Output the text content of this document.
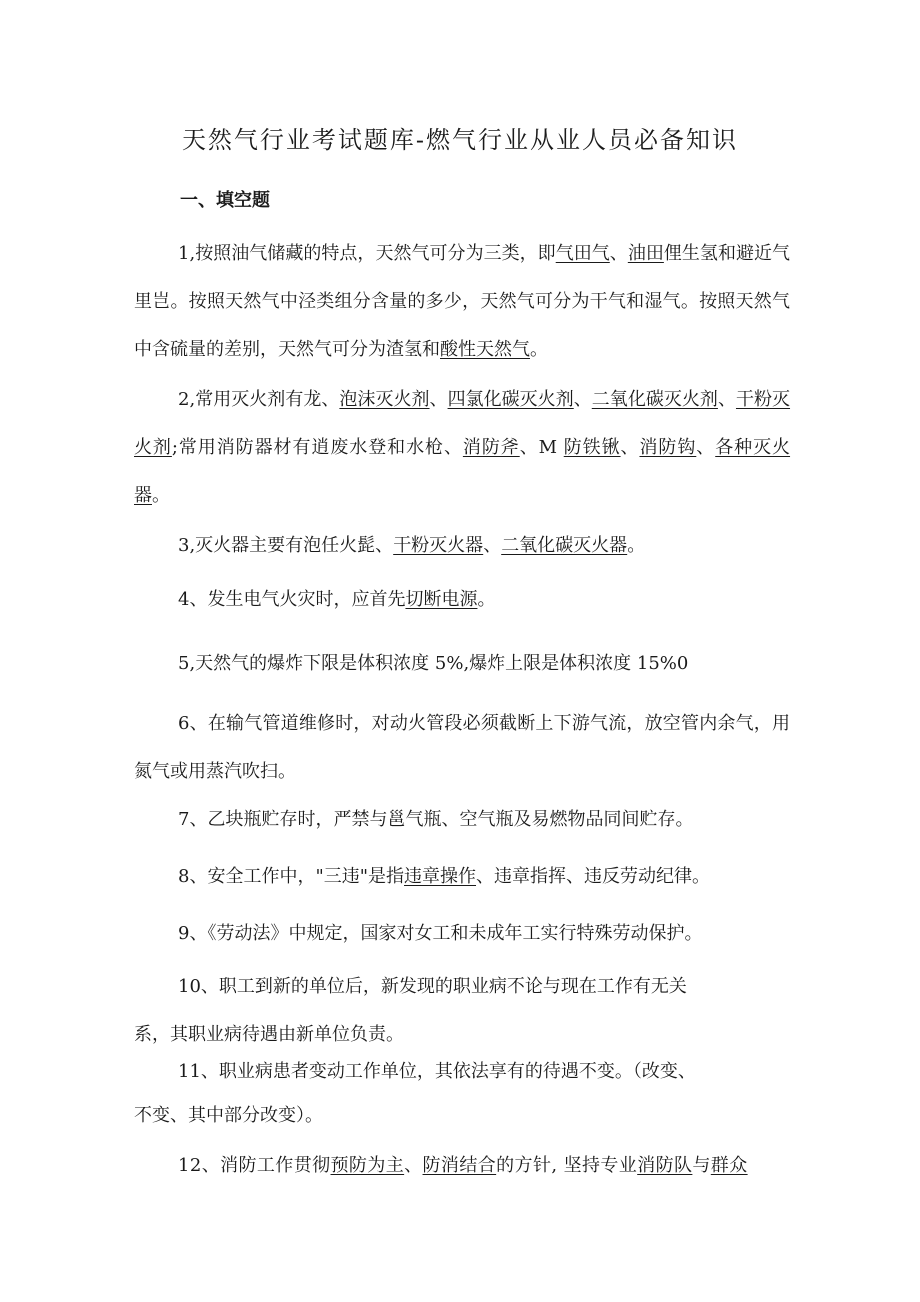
天然气行业考试题库-燃气行业从业人员必备知识
一、填空题
1,按照油气储藏的特点，天然气可分为三类，即气田气、油田俚生氢和避近气里岂。按照天然气中泾类组分含量的多少，天然气可分为干气和湿气。按照天然气中含硫量的差别，天然气可分为渣氢和酸性天然气。
2,常用灭火剂有龙、泡沫灭火剂、四氯化碳灭火剂、二氧化碳灭火剂、干粉灭火剂;常用消防器材有逍废水登和水枪、消防斧、M 防铁锹、消防钩、各种灭火器。
3,灭火器主要有泡任火髭、干粉灭火器、二氧化碳灭火器。
4、发生电气火灾时，应首先切断电源。
5,天然气的爆炸下限是体积浓度 5%,爆炸上限是体积浓度 15%0
6、在输气管道维修时，对动火管段必须截断上下游气流，放空管内余气，用氮气或用蒸汽吹扫。
7、乙块瓶贮存时，严禁与邕气瓶、空气瓶及易燃物品同间贮存。
8、安全工作中，"三违"是指违章操作、违章指挥、违反劳动纪律。
9、《劳动法》中规定，国家对女工和未成年工实行特殊劳动保护。
10、职工到新的单位后，新发现的职业病不论与现在工作有无关
系，其职业病待遇由新单位负责。
11、职业病患者变动工作单位，其依法享有的待遇不变。（改变、
不变、其中部分改变）。
12、消防工作贯彻预防为主、防消结合的方针, 坚持专业消防队与群众
